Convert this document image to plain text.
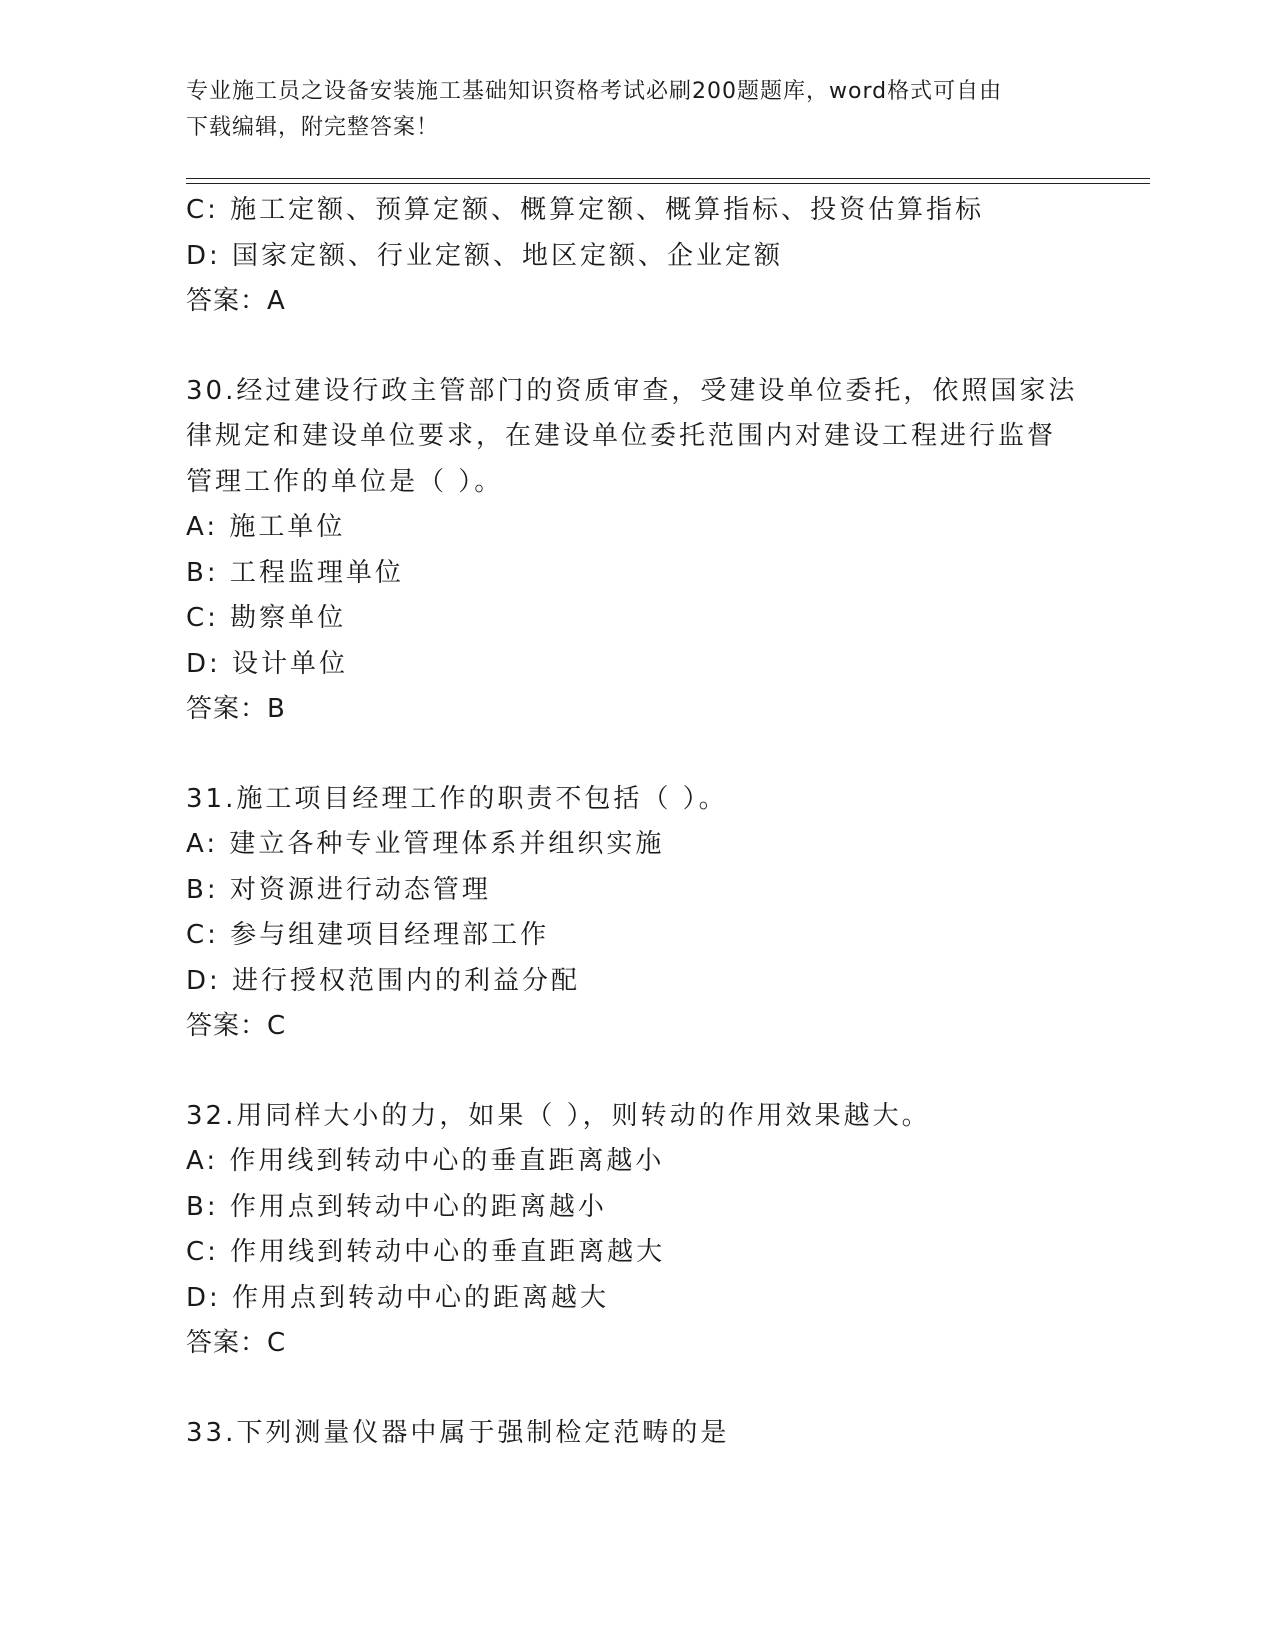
专业施工员之设备安装施工基础知识资格考试必刷200题题库，word格式可自由
下载编辑，附完整答案！
C: 施工定额、预算定额、概算定额、概算指标、投资估算指标
D: 国家定额、行业定额、地区定额、企业定额
答案：A
30.经过建设行政主管部门的资质审查，受建设单位委托，依照国家法
律规定和建设单位要求，在建设单位委托范围内对建设工程进行监督
管理工作的单位是（ ）。
A: 施工单位
B: 工程监理单位
C: 勘察单位
D: 设计单位
答案：B
31.施工项目经理工作的职责不包括（ ）。
A: 建立各种专业管理体系并组织实施
B: 对资源进行动态管理
C: 参与组建项目经理部工作
D: 进行授权范围内的利益分配
答案：C
32.用同样大小的力，如果（ ），则转动的作用效果越大。
A: 作用线到转动中心的垂直距离越小
B: 作用点到转动中心的距离越小
C: 作用线到转动中心的垂直距离越大
D: 作用点到转动中心的距离越大
答案：C
33.下列测量仪器中属于强制检定范畴的是
